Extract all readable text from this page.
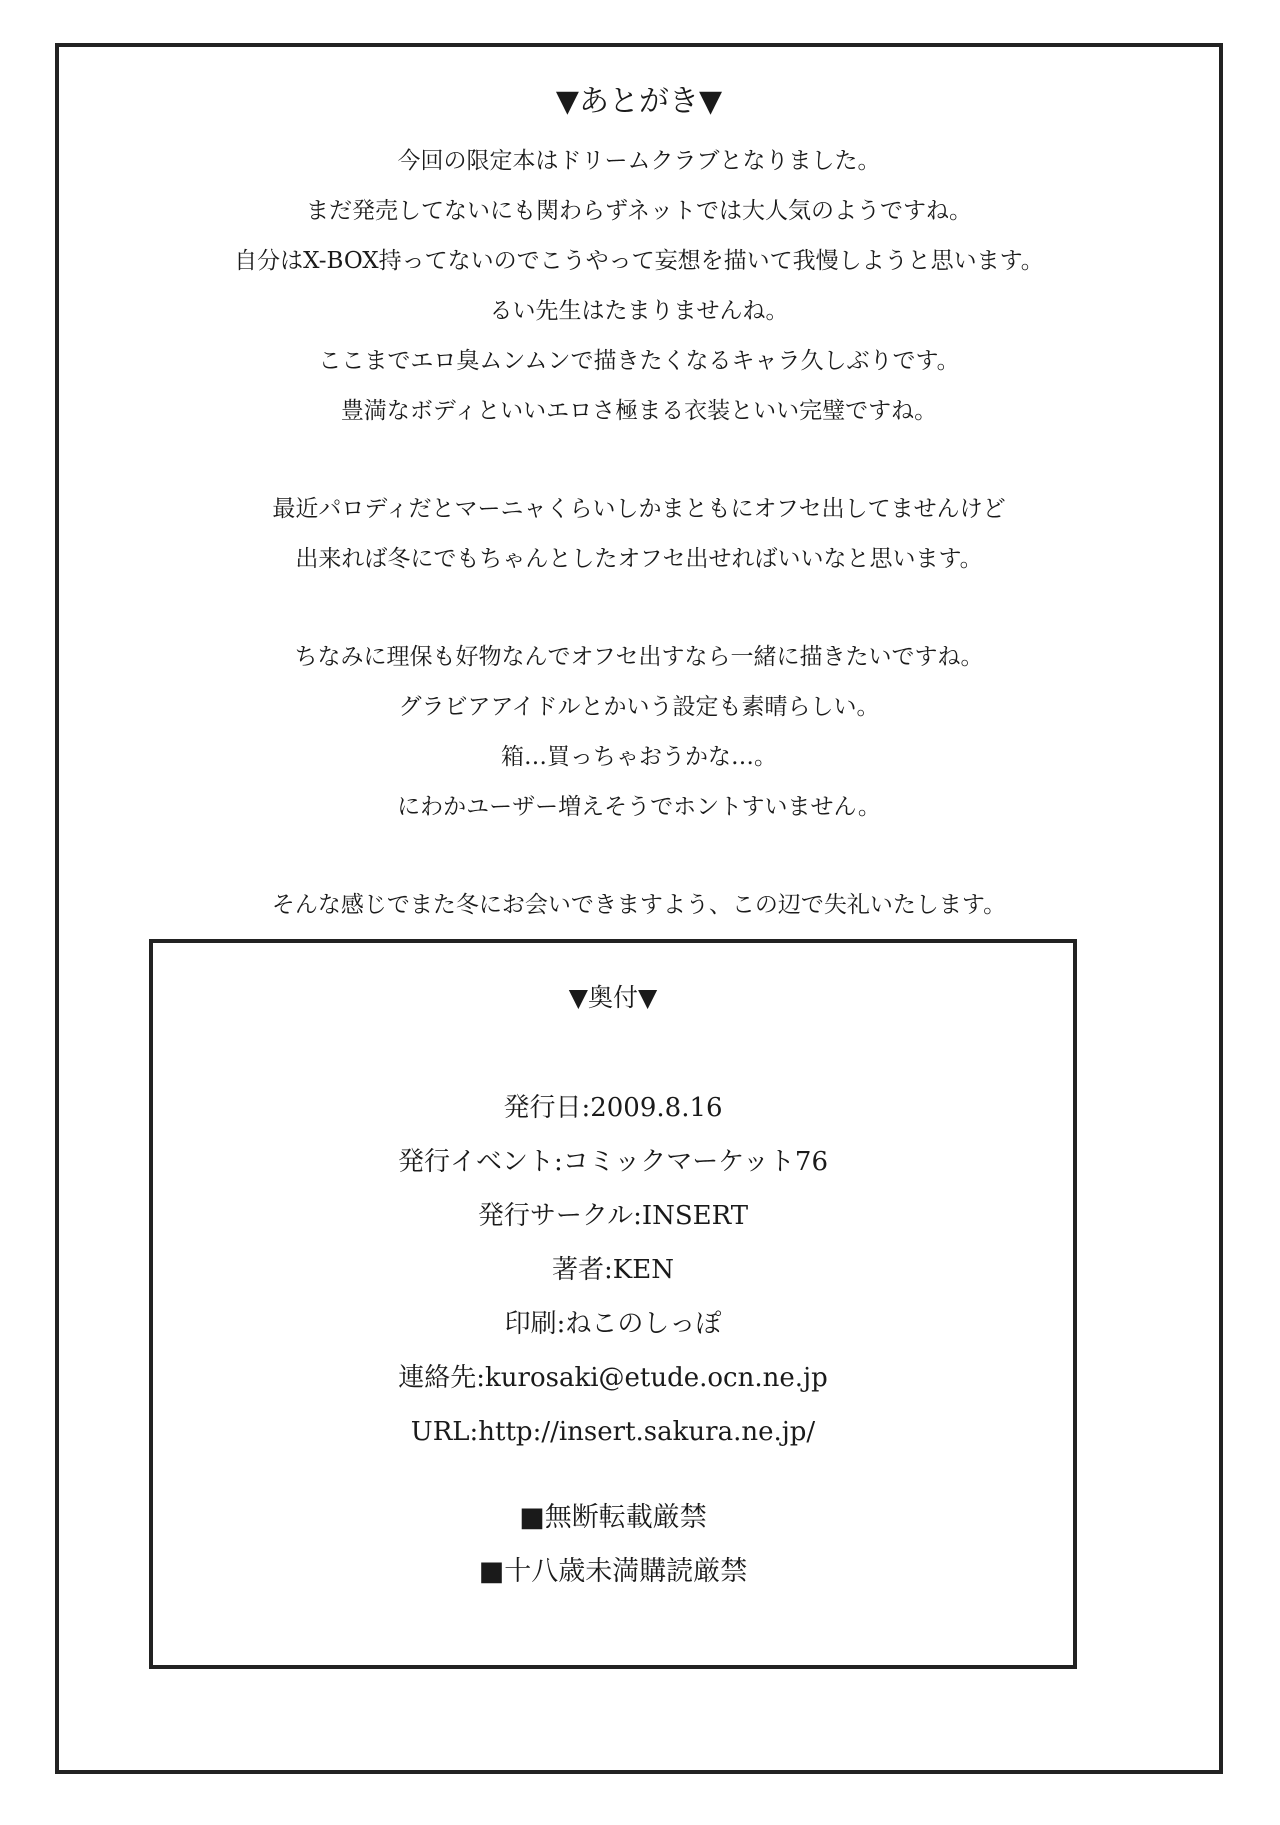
▼あとがき▼
今回の限定本はドリームクラブとなりました。
まだ発売してないにも関わらずネットでは大人気のようですね。
自分はX-BOX持ってないのでこうやって妄想を描いて我慢しようと思います。
るい先生はたまりませんね。
ここまでエロ臭ムンムンで描きたくなるキャラ久しぶりです。
豊満なボディといいエロさ極まる衣装といい完璧ですね。
最近パロディだとマーニャくらいしかまともにオフセ出してませんけど
出来れば冬にでもちゃんとしたオフセ出せればいいなと思います。
ちなみに理保も好物なんでオフセ出すなら一緒に描きたいですね。
グラビアアイドルとかいう設定も素晴らしい。
箱…買っちゃおうかな…。
にわかユーザー増えそうでホントすいません。
そんな感じでまた冬にお会いできますよう、この辺で失礼いたします。
▼奥付▼
発行日:2009.8.16
発行イベント:コミックマーケット76
発行サークル:INSERT
著者:KEN
印刷:ねこのしっぽ
連絡先:kurosaki@etude.ocn.ne.jp
URL:http://insert.sakura.ne.jp/
■無断転載厳禁
■十八歳未満購読厳禁
